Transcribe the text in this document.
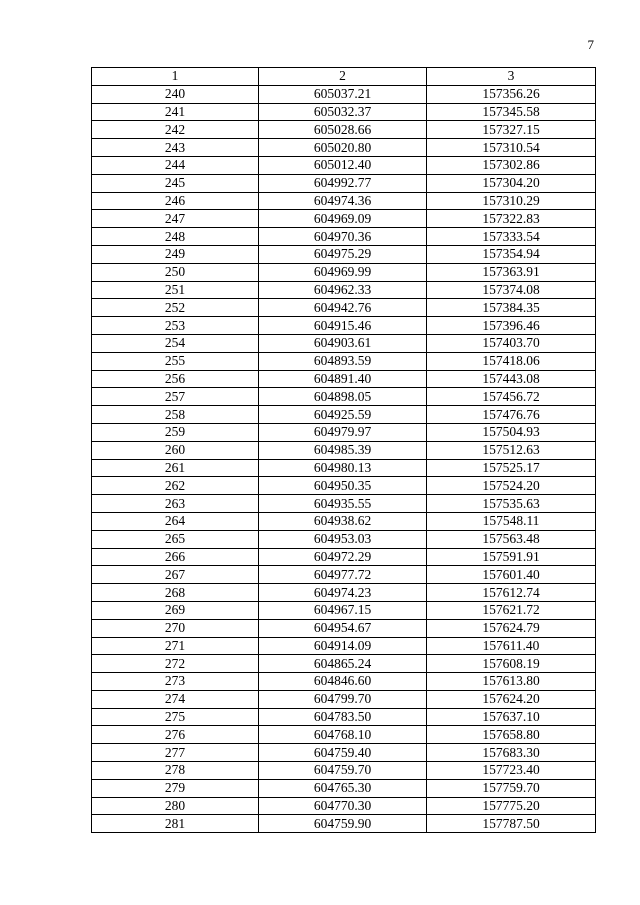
7
1	2	3
240	605037.21	157356.26
241	605032.37	157345.58
242	605028.66	157327.15
243	605020.80	157310.54
244	605012.40	157302.86
245	604992.77	157304.20
246	604974.36	157310.29
247	604969.09	157322.83
248	604970.36	157333.54
249	604975.29	157354.94
250	604969.99	157363.91
251	604962.33	157374.08
252	604942.76	157384.35
253	604915.46	157396.46
254	604903.61	157403.70
255	604893.59	157418.06
256	604891.40	157443.08
257	604898.05	157456.72
258	604925.59	157476.76
259	604979.97	157504.93
260	604985.39	157512.63
261	604980.13	157525.17
262	604950.35	157524.20
263	604935.55	157535.63
264	604938.62	157548.11
265	604953.03	157563.48
266	604972.29	157591.91
267	604977.72	157601.40
268	604974.23	157612.74
269	604967.15	157621.72
270	604954.67	157624.79
271	604914.09	157611.40
272	604865.24	157608.19
273	604846.60	157613.80
274	604799.70	157624.20
275	604783.50	157637.10
276	604768.10	157658.80
277	604759.40	157683.30
278	604759.70	157723.40
279	604765.30	157759.70
280	604770.30	157775.20
281	604759.90	157787.50
